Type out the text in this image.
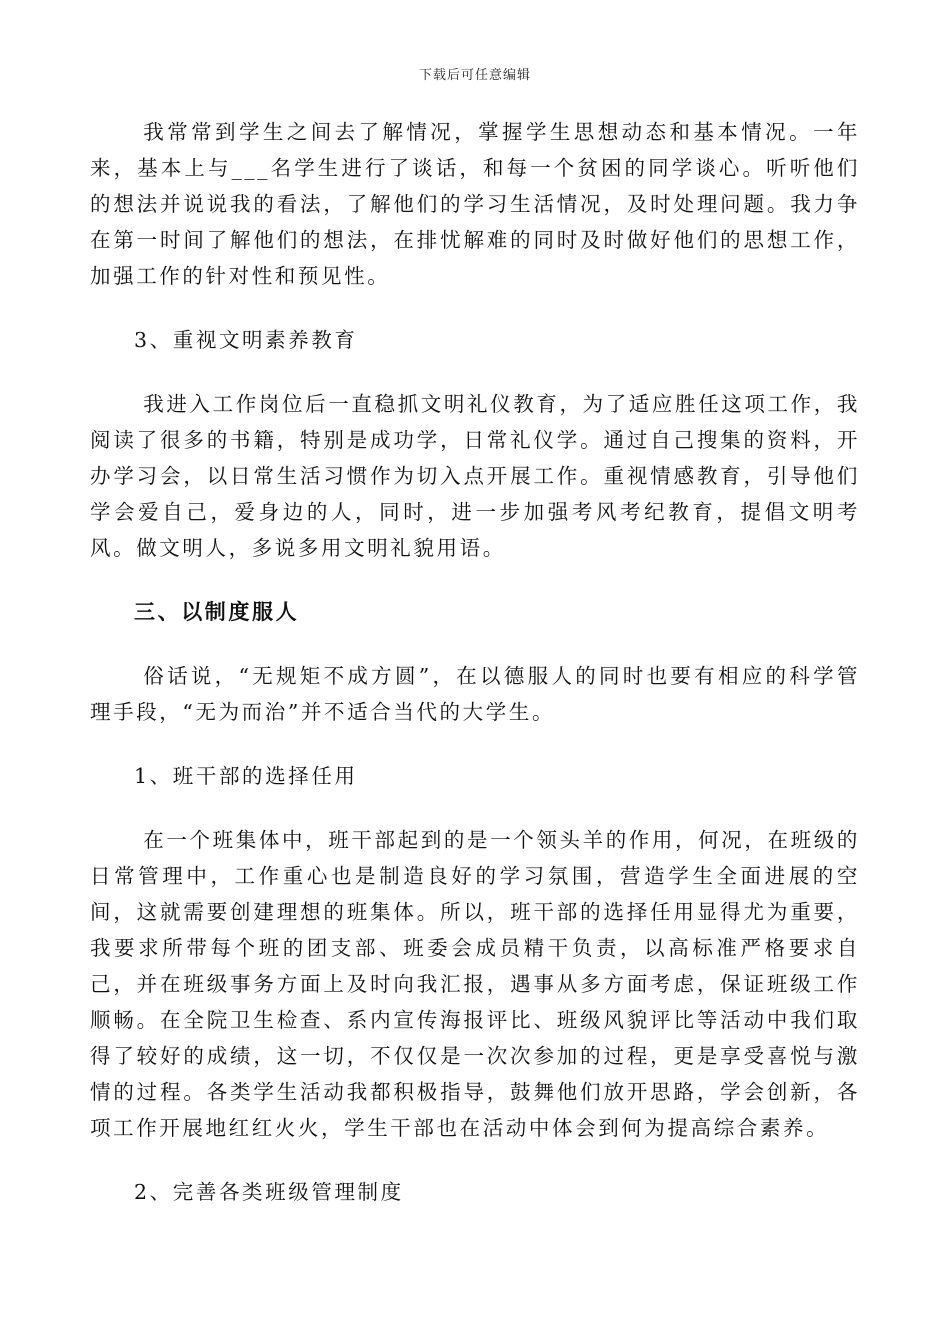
下载后可任意编辑

我常常到学生之间去了解情况，掌握学生思想动态和基本情况。一年来，基本上与___名学生进行了谈话，和每一个贫困的同学谈心。听听他们的想法并说说我的看法，了解他们的学习生活情况，及时处理问题。我力争在第一时间了解他们的想法，在排忧解难的同时及时做好他们的思想工作，加强工作的针对性和预见性。

3、重视文明素养教育

我进入工作岗位后一直稳抓文明礼仪教育，为了适应胜任这项工作，我阅读了很多的书籍，特别是成功学，日常礼仪学。通过自己搜集的资料，开办学习会，以日常生活习惯作为切入点开展工作。重视情感教育，引导他们学会爱自己，爱身边的人，同时，进一步加强考风考纪教育，提倡文明考风。做文明人，多说多用文明礼貌用语。

三、以制度服人

俗话说，“无规矩不成方圆”，在以德服人的同时也要有相应的科学管理手段，“无为而治”并不适合当代的大学生。

1、班干部的选择任用

在一个班集体中，班干部起到的是一个领头羊的作用，何况，在班级的日常管理中，工作重心也是制造良好的学习氛围，营造学生全面进展的空间，这就需要创建理想的班集体。所以，班干部的选择任用显得尤为重要，我要求所带每个班的团支部、班委会成员精干负责，以高标准严格要求自己，并在班级事务方面上及时向我汇报，遇事从多方面考虑，保证班级工作顺畅。在全院卫生检查、系内宣传海报评比、班级风貌评比等活动中我们取得了较好的成绩，这一切，不仅仅是一次次参加的过程，更是享受喜悦与激情的过程。各类学生活动我都积极指导，鼓舞他们放开思路，学会创新，各项工作开展地红红火火，学生干部也在活动中体会到何为提高综合素养。

2、完善各类班级管理制度
